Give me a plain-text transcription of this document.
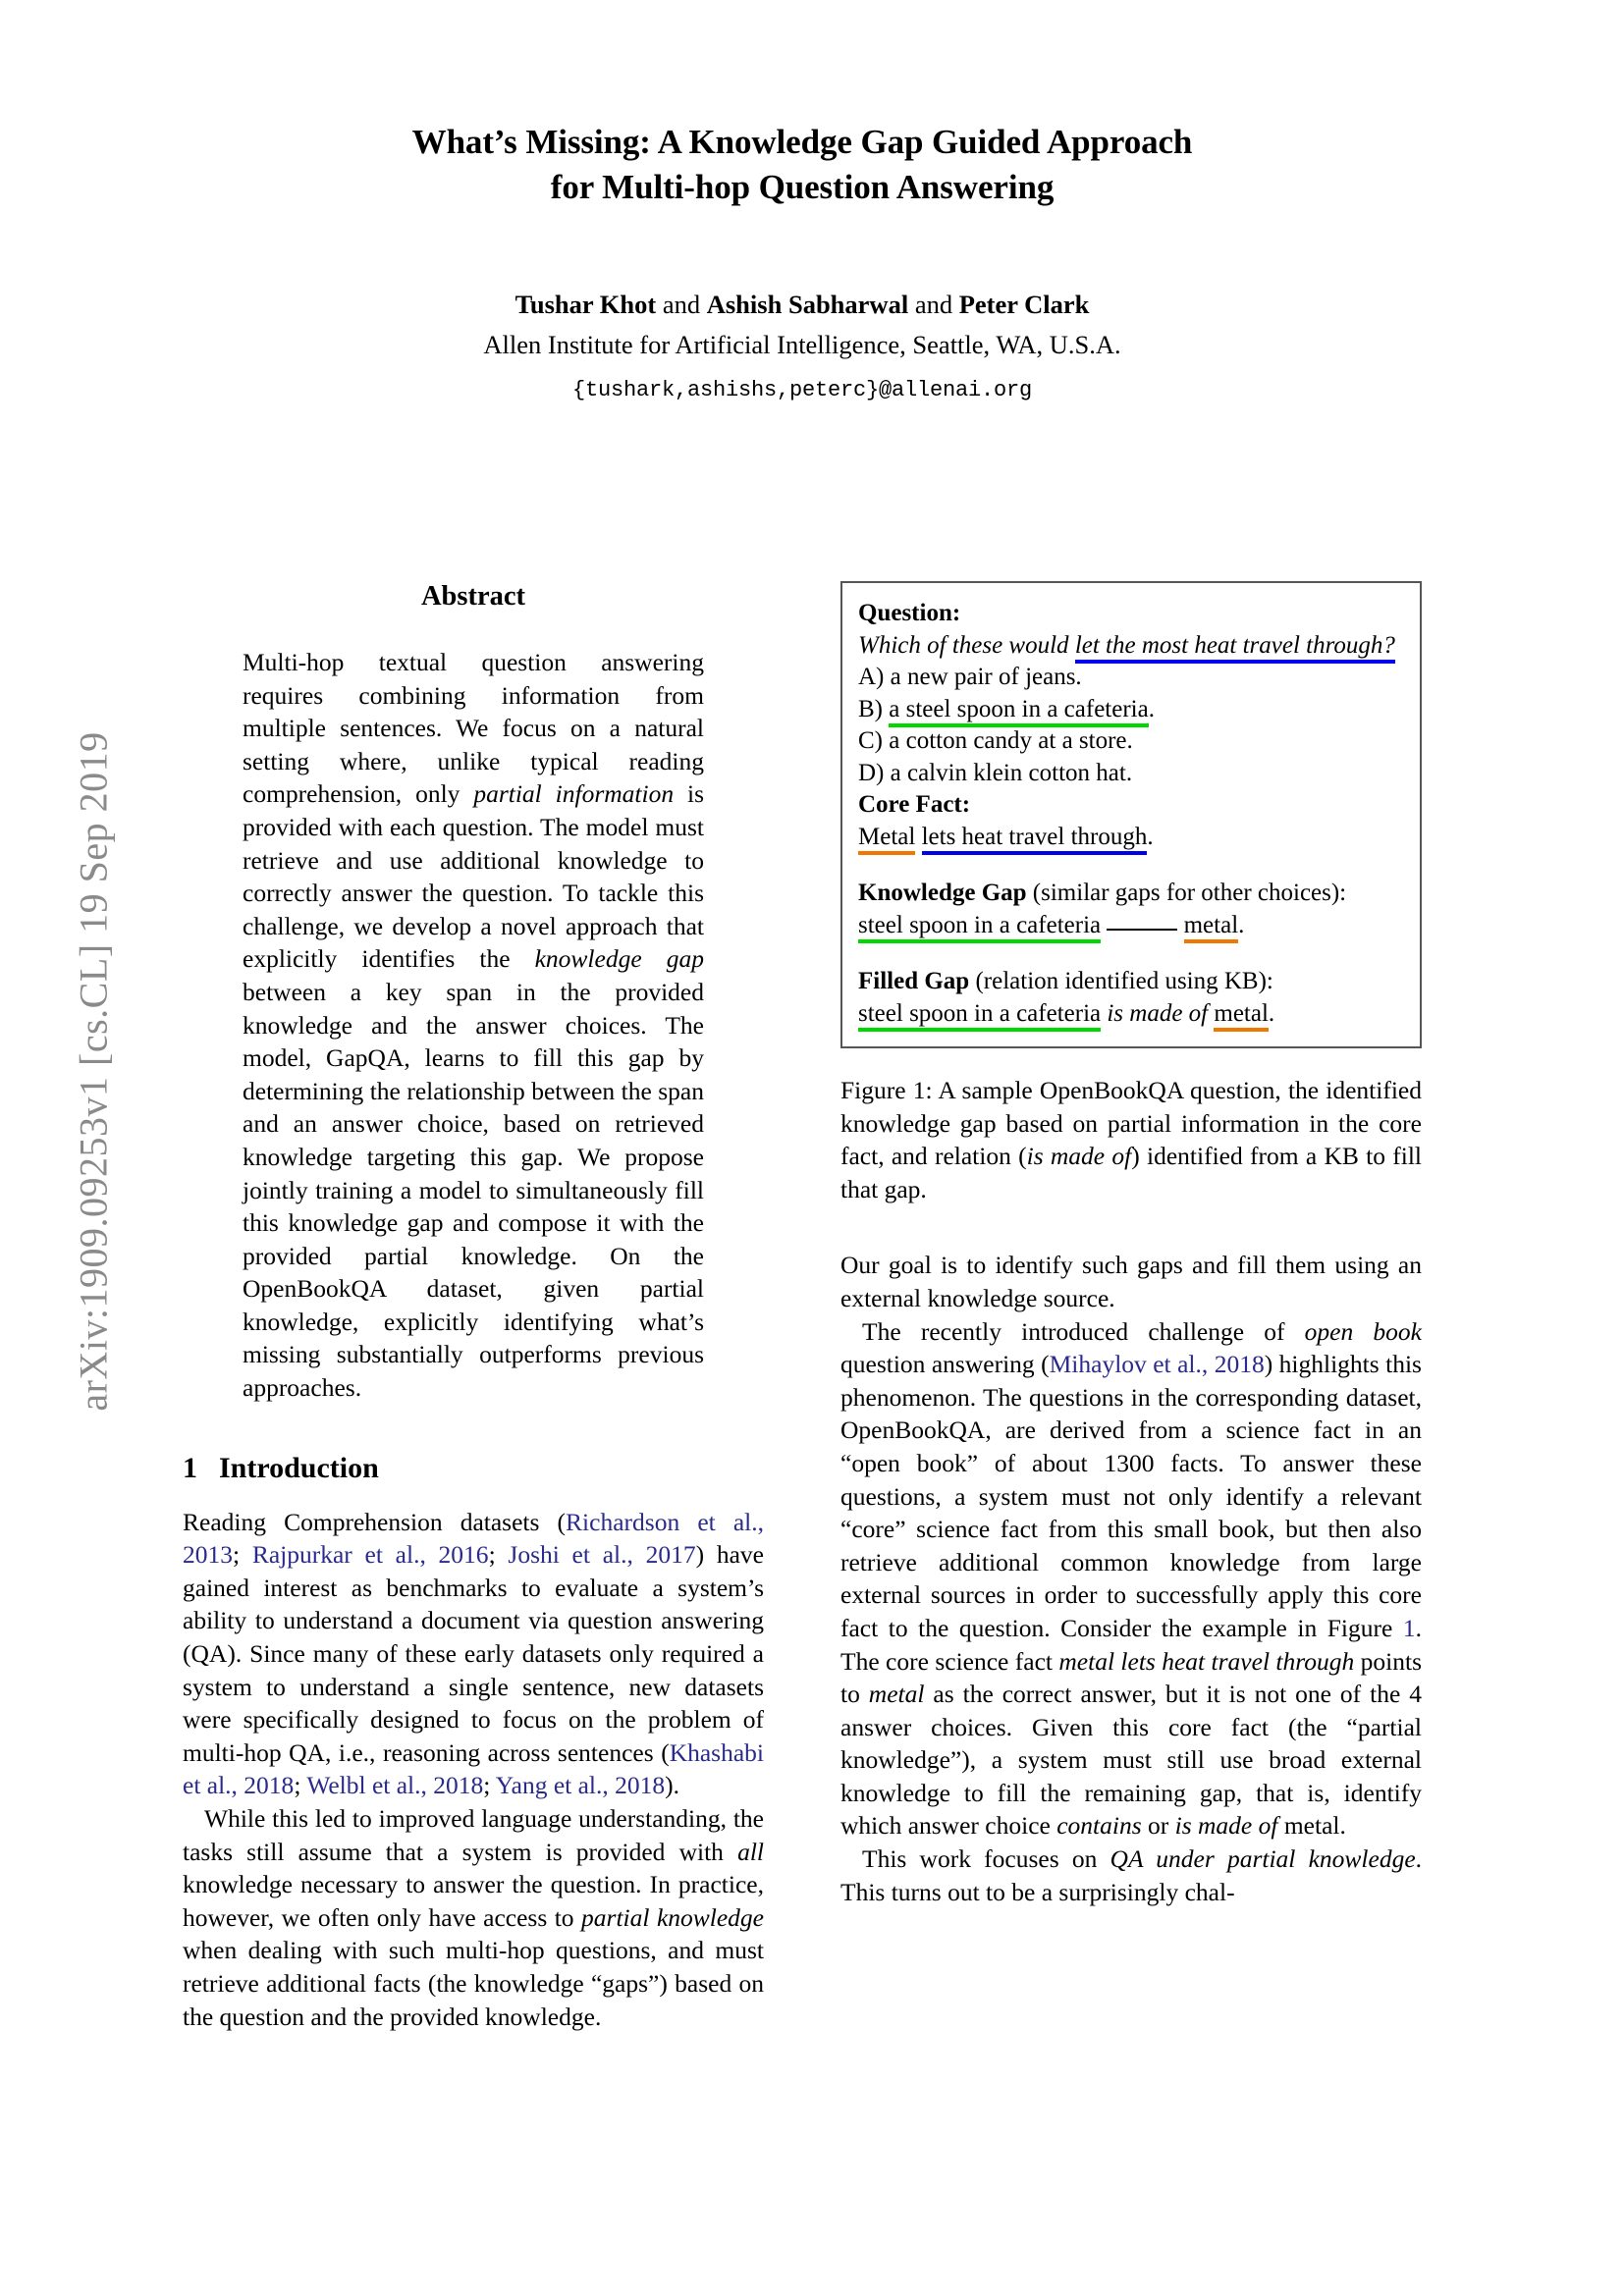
arXiv:1909.09253v1 [cs.CL] 19 Sep 2019
What’s Missing: A Knowledge Gap Guided Approach
for Multi-hop Question Answering
Tushar Khot and Ashish Sabharwal and Peter Clark
Allen Institute for Artificial Intelligence, Seattle, WA, U.S.A.
{tushark,ashishs,peterc}@allenai.org
Abstract

Multi-hop textual question answering requires combining information from multiple sentences. We focus on a natural setting where, unlike typical reading comprehension, only partial information is provided with each question. The model must retrieve and use additional knowledge to correctly answer the question. To tackle this challenge, we develop a novel approach that explicitly identifies the knowledge gap between a key span in the provided knowledge and the answer choices. The model, GapQA, learns to fill this gap by determining the relationship between the span and an answer choice, based on retrieved knowledge targeting this gap. We propose jointly training a model to simultaneously fill this knowledge gap and compose it with the provided partial knowledge. On the OpenBookQA dataset, given partial knowledge, explicitly identifying what’s missing substantially outperforms previous approaches.

1 Introduction

Reading Comprehension datasets (Richardson et al., 2013; Rajpurkar et al., 2016; Joshi et al., 2017) have gained interest as benchmarks to evaluate a system’s ability to understand a document via question answering (QA). Since many of these early datasets only required a system to understand a single sentence, new datasets were specifically designed to focus on the problem of multi-hop QA, i.e., reasoning across sentences (Khashabi et al., 2018; Welbl et al., 2018; Yang et al., 2018).

While this led to improved language understanding, the tasks still assume that a system is provided with all knowledge necessary to answer the question. In practice, however, we often only have access to partial knowledge when dealing with such multi-hop questions, and must retrieve additional facts (the knowledge “gaps”) based on the question and the provided knowledge.

Question:
Which of these would let the most heat travel through?
A) a new pair of jeans.
B) a steel spoon in a cafeteria.
C) a cotton candy at a store.
D) a calvin klein cotton hat.
Core Fact:
Metal lets heat travel through.
Knowledge Gap (similar gaps for other choices):
steel spoon in a cafeteria	metal.
Filled Gap (relation identified using KB):
steel spoon in a cafeteria is made of metal.

Figure 1: A sample OpenBookQA question, the identified knowledge gap based on partial information in the core fact, and relation (is made of) identified from a KB to fill that gap.

Our goal is to identify such gaps and fill them using an external knowledge source.

The recently introduced challenge of open book question answering (Mihaylov et al., 2018) highlights this phenomenon. The questions in the corresponding dataset, OpenBookQA, are derived from a science fact in an “open book” of about 1300 facts. To answer these questions, a system must not only identify a relevant “core” science fact from this small book, but then also retrieve additional common knowledge from large external sources in order to successfully apply this core fact to the question. Consider the example in Figure 1. The core science fact metal lets heat travel through points to metal as the correct answer, but it is not one of the 4 answer choices. Given this core fact (the “partial knowledge”), a system must still use broad external knowledge to fill the remaining gap, that is, identify which answer choice contains or is made of metal.

This work focuses on QA under partial knowledge. This turns out to be a surprisingly chal-
